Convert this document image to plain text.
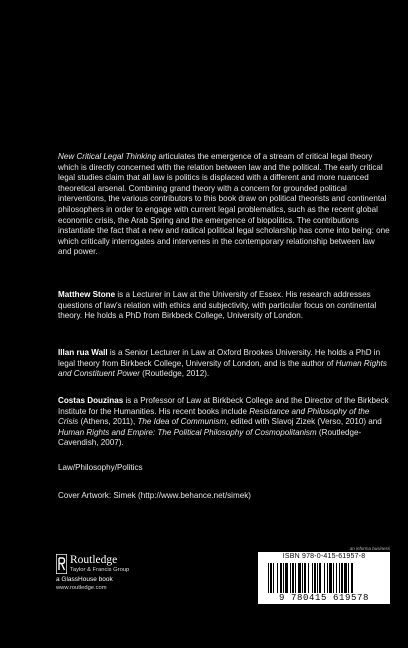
New Critical Legal Thinking articulates the emergence of a stream of critical legal theory which is directly concerned with the relation between law and the political. The early critical legal studies claim that all law is politics is displaced with a different and more nuanced theoretical arsenal. Combining grand theory with a concern for grounded political interventions, the various contributors to this book draw on political theorists and continental philosophers in order to engage with current legal problematics, such as the recent global economic crisis, the Arab Spring and the emergence of biopolitics. The contributions instantiate the fact that a new and radical political legal scholarship has come into being: one which critically interrogates and intervenes in the contemporary relationship between law and power.

Matthew Stone is a Lecturer in Law at the University of Essex. His research addresses questions of law's relation with ethics and subjectivity, with particular focus on continental theory. He holds a PhD from Birkbeck College, University of London.

Illan rua Wall is a Senior Lecturer in Law at Oxford Brookes University. He holds a PhD in legal theory from Birkbeck College, University of London, and is the author of Human Rights and Constituent Power (Routledge, 2012).

Costas Douzinas is a Professor of Law at Birkbeck College and the Director of the Birkbeck Institute for the Humanities. His recent books include Resistance and Philosophy of the Crisis (Athens, 2011), The Idea of Communism, edited with Slavoj Zizek (Verso, 2010) and Human Rights and Empire: The Political Philosophy of Cosmopolitanism (Routledge-Cavendish, 2007).

Law/Philosophy/Politics

Cover Artwork: Simek (http://www.behance.net/simek)

Routledge
Taylor & Francis Group
a GlassHouse book
www.routledge.com
an informa business
ISBN 978-0-415-61957-8
9 780415 619578
